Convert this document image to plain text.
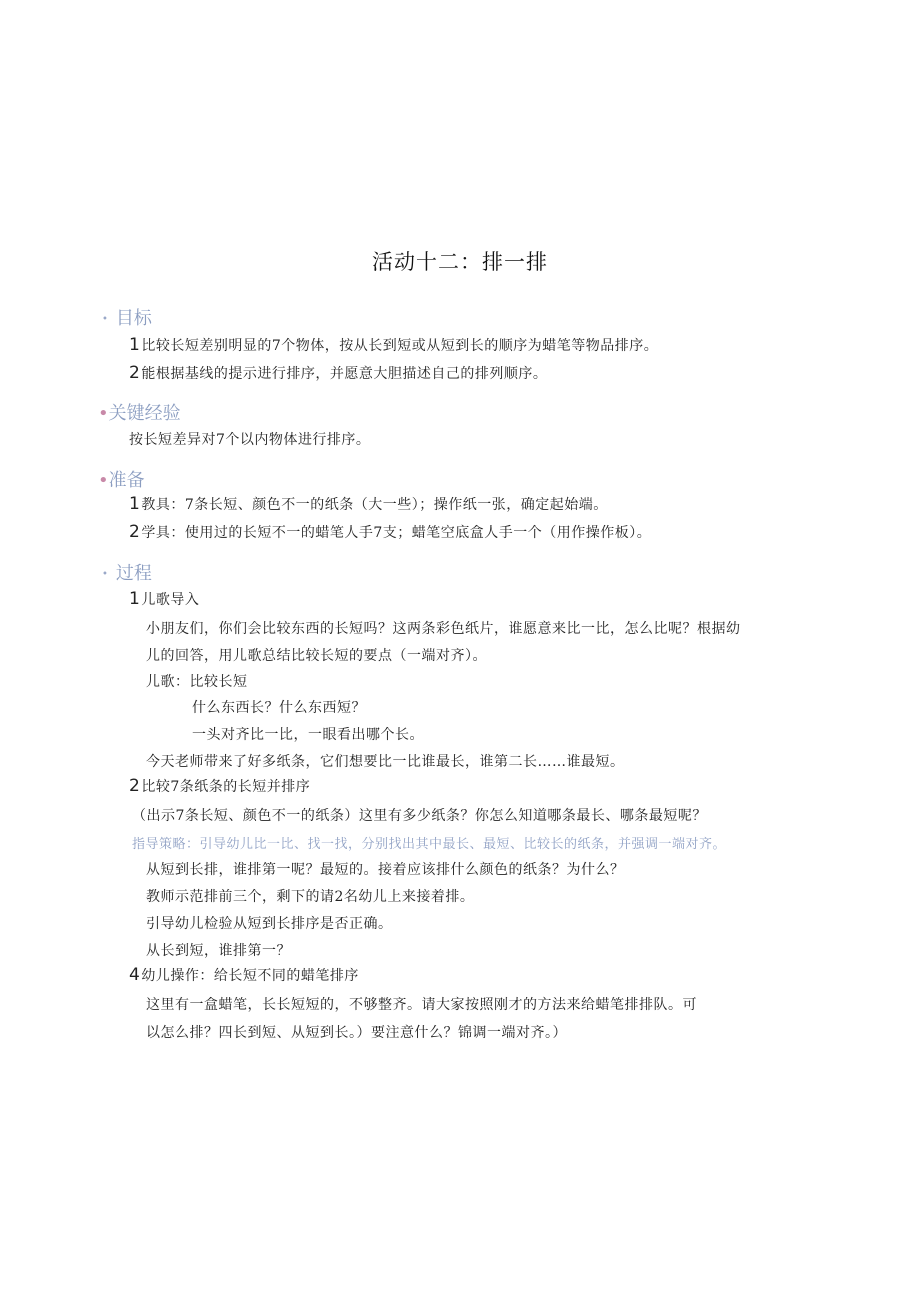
活动十二：排一排
• 目标
1比较长短差别明显的7个物体，按从长到短或从短到长的顺序为蜡笔等物品排序。
2能根据基线的提示进行排序，并愿意大胆描述自己的排列顺序。
•关键经验
按长短差异对7个以内物体进行排序。
•准备
1教具：7条长短、颜色不一的纸条（大一些）；操作纸一张，确定起始端。
2学具：使用过的长短不一的蜡笔人手7支；蜡笔空底盒人手一个（用作操作板）。
• 过程
1儿歌导入
小朋友们，你们会比较东西的长短吗？这两条彩色纸片，谁愿意来比一比，怎么比呢？根据幼
儿的回答，用儿歌总结比较长短的要点（一端对齐）。
儿歌：比较长短
什么东西长？什么东西短？
一头对齐比一比，一眼看出哪个长。
今天老师带来了好多纸条，它们想要比一比谁最长，谁第二长……谁最短。
2比较7条纸条的长短并排序
（出示7条长短、颜色不一的纸条）这里有多少纸条？你怎么知道哪条最长、哪条最短呢？
指导策略：引导幼儿比一比、找一找，分别找出其中最长、最短、比较长的纸条，并强调一端对齐。
从短到长排，谁排第一呢？最短的。接着应该排什么颜色的纸条？为什么？
教师示范排前三个，剩下的请2名幼儿上来接着排。
引导幼儿检验从短到长排序是否正确。
从长到短，谁排第一？
4幼儿操作：给长短不同的蜡笔排序
这里有一盒蜡笔，长长短短的，不够整齐。请大家按照刚才的方法来给蜡笔排排队。可
以怎么排？四长到短、从短到长。）要注意什么？锦调一端对齐。）
